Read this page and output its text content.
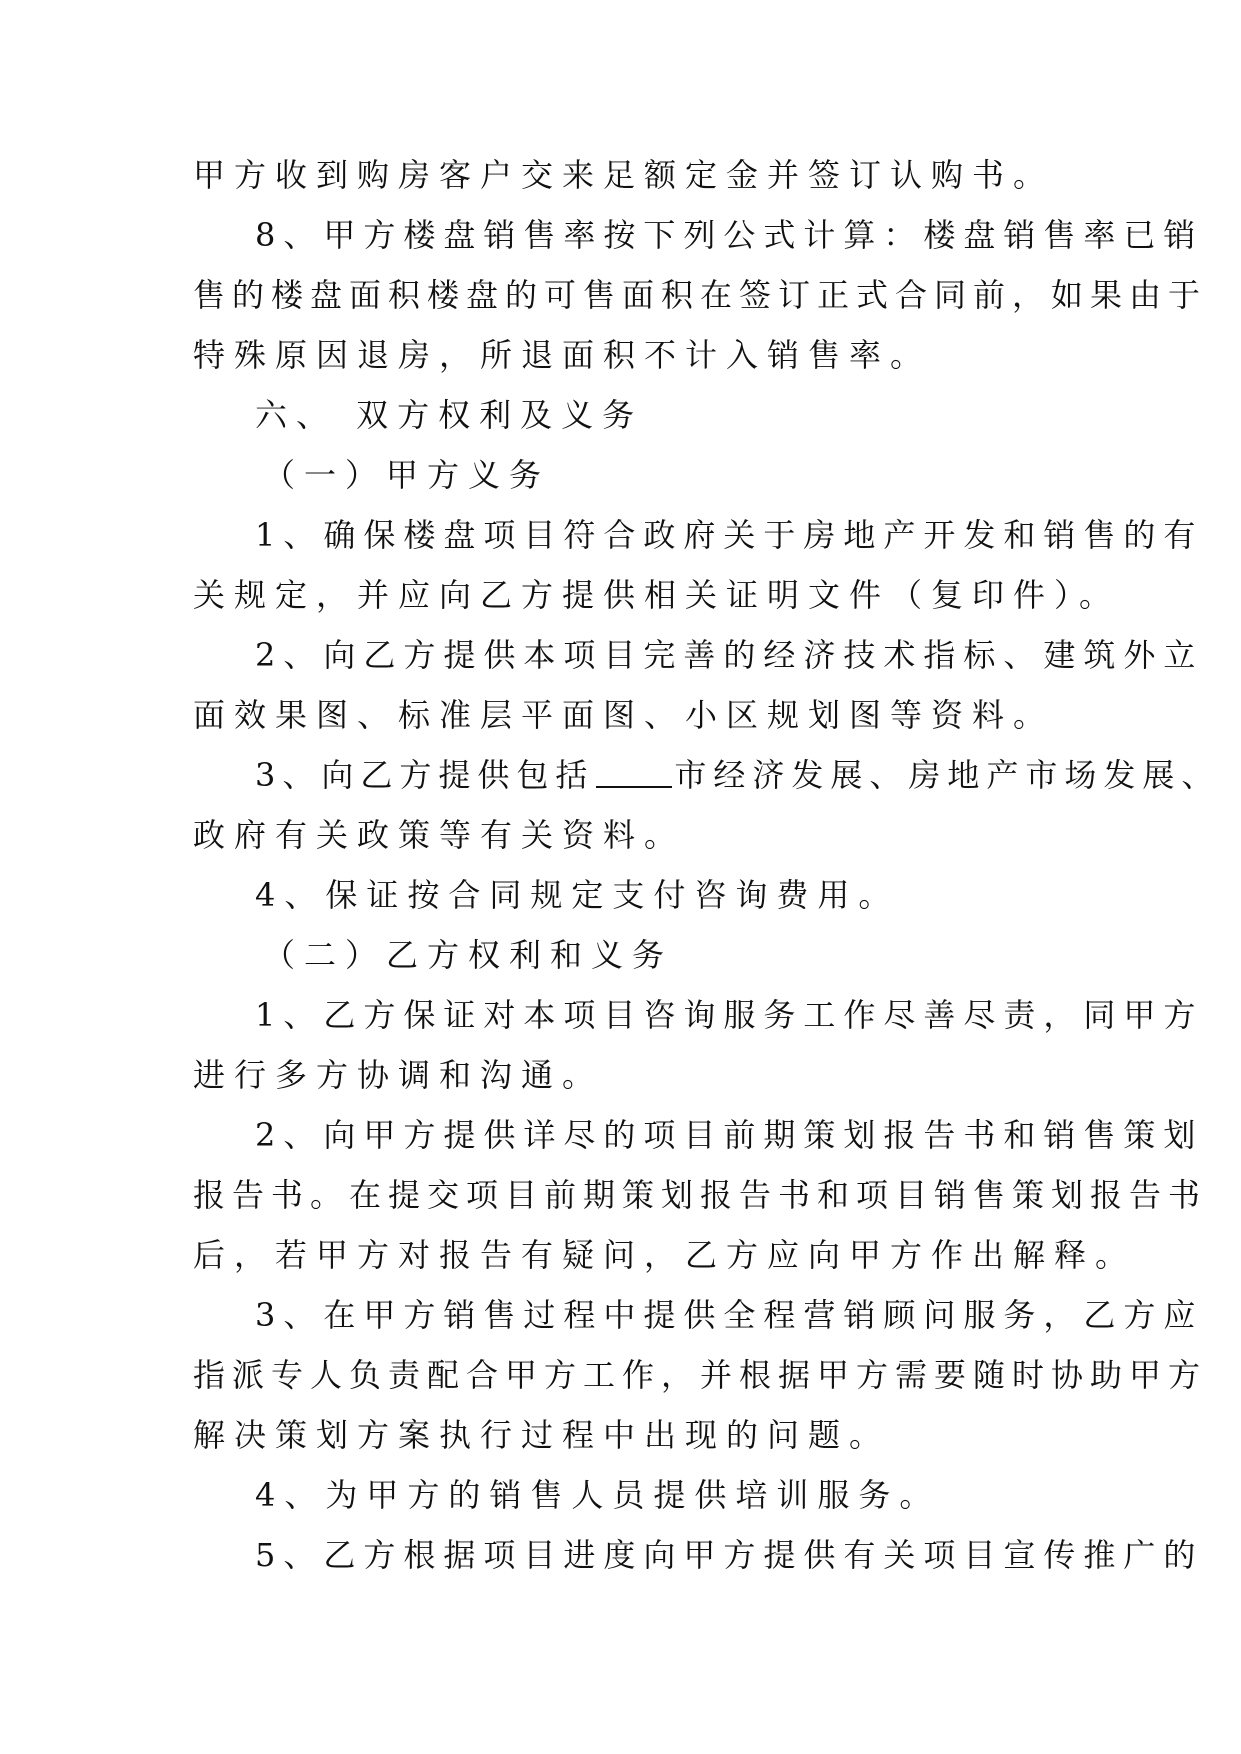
甲方收到购房客户交来足额定金并签订认购书。
8、甲方楼盘销售率按下列公式计算：楼盘销售率已销
售的楼盘面积楼盘的可售面积在签订正式合同前，如果由于
特殊原因退房，所退面积不计入销售率。
六、 双方权利及义务
（一）甲方义务
1、确保楼盘项目符合政府关于房地产开发和销售的有
关规定，并应向乙方提供相关证明文件（复印件）。
2、向乙方提供本项目完善的经济技术指标、建筑外立
面效果图、标准层平面图、小区规划图等资料。
3、向乙方提供包括	市经济发展、房地产市场发展、
政府有关政策等有关资料。
4、保证按合同规定支付咨询费用。
（二）乙方权利和义务
1、乙方保证对本项目咨询服务工作尽善尽责，同甲方
进行多方协调和沟通。
2、向甲方提供详尽的项目前期策划报告书和销售策划
报告书。在提交项目前期策划报告书和项目销售策划报告书
后，若甲方对报告有疑问，乙方应向甲方作出解释。
3、在甲方销售过程中提供全程营销顾问服务，乙方应
指派专人负责配合甲方工作，并根据甲方需要随时协助甲方
解决策划方案执行过程中出现的问题。
4、为甲方的销售人员提供培训服务。
5、乙方根据项目进度向甲方提供有关项目宣传推广的
